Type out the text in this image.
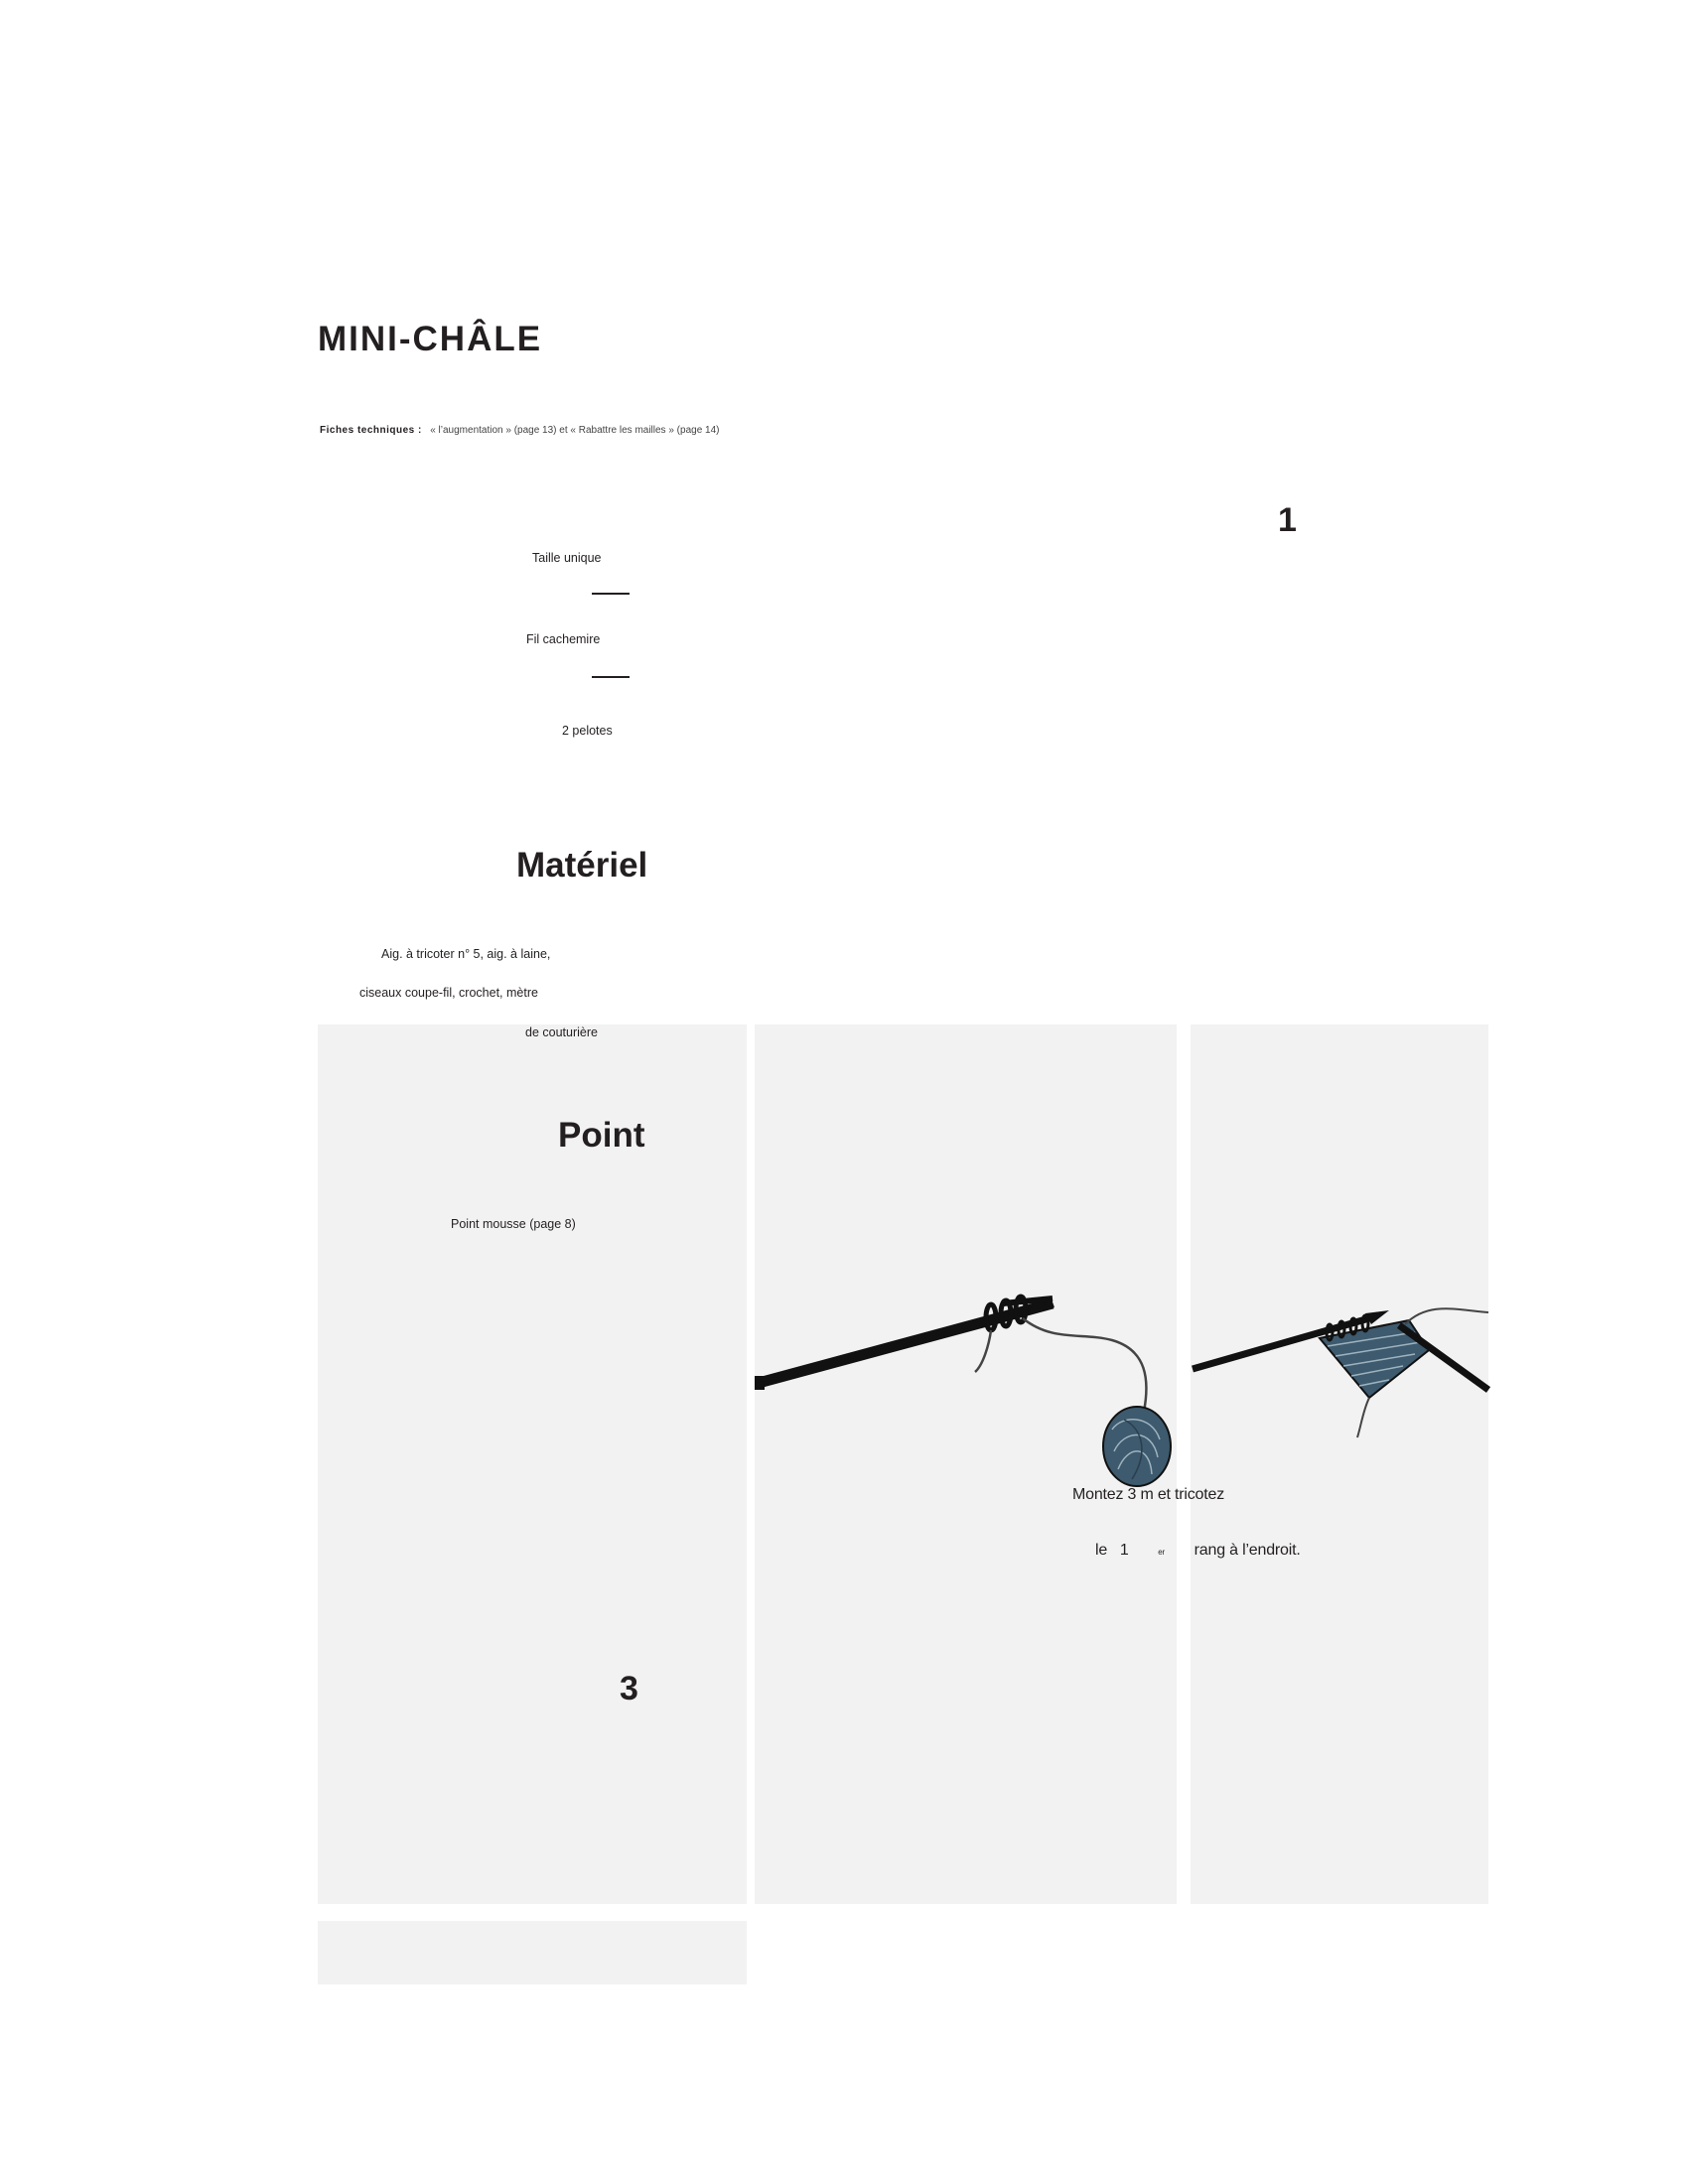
MINI-CHÂLE
Fiches techniques : « l’augmentation » (page 13) et « Rabattre les mailles » (page 14)
1
Taille unique
Fil cachemire
2 pelotes
Matériel
Aig. à tricoter n° 5, aig. à laine,
ciseaux coupe-fil, crochet, mètre
de couturière
Point
Point mousse (page 8)
3
Montez 3 m et tricotez
le 1	er rang à l’endroit.
